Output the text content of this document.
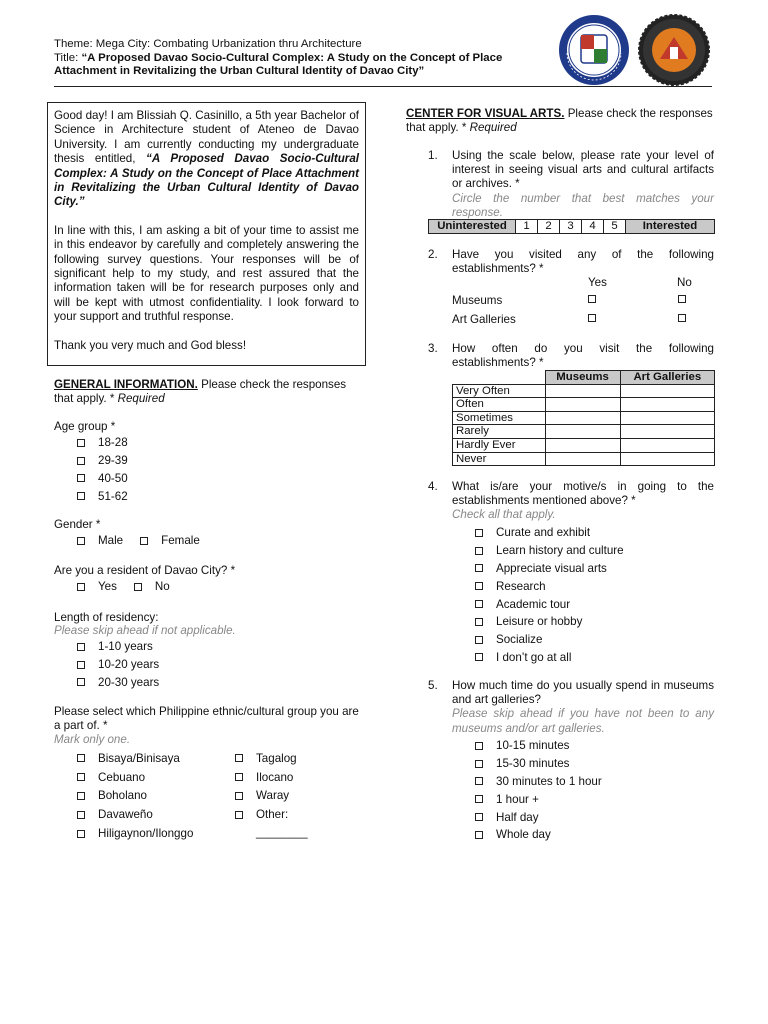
Theme: Mega City: Combating Urbanization thru Architecture
Title: “A Proposed Davao Socio-Cultural Complex: A Study on the Concept of Place Attachment in Revitalizing the Urban Cultural Identity of Davao City”

Good day! I am Blissiah Q. Casinillo, a 5th year Bachelor of Science in Architecture student of Ateneo de Davao University. I am currently conducting my undergraduate thesis entitled, “A Proposed Davao Socio-Cultural Complex: A Study on the Concept of Place Attachment in Revitalizing the Urban Cultural Identity of Davao City.”

In line with this, I am asking a bit of your time to assist me in this endeavor by carefully and completely answering the following survey questions. Your responses will be of significant help to my study, and rest assured that the information taken will be for research purposes only and will be kept with utmost confidentiality. I look forward to your support and truthful response.

Thank you very much and God bless!

GENERAL INFORMATION. Please check the responses that apply. * Required
Age group *
18-28
29-39
40-50
51-62
Gender *
Male	Female
Are you a resident of Davao City? *
Yes	No
Length of residency:
Please skip ahead if not applicable.
1-10 years
10-20 years
20-30 years
Please select which Philippine ethnic/cultural group you are a part of. *
Mark only one.
Bisaya/Binisaya
Cebuano
Boholano
Davaweño
Hiligaynon/Ilonggo
Tagalog
Ilocano
Waray
Other:
________
CENTER FOR VISUAL ARTS. Please check the responses that apply. * Required
1. Using the scale below, please rate your level of interest in seeing visual arts and cultural artifacts or archives. *
Circle the number that best matches your response.
Uninterested	1	2	3	4	5	Interested
2. Have you visited any of the following establishments? *
Yes	No
Museums
Art Galleries
3. How often do you visit the following establishments? *
	Museums	Art Galleries
Very Often		
Often		
Sometimes		
Rarely		
Hardly Ever		
Never		
4. What is/are your motive/s in going to the establishments mentioned above? *
Check all that apply.
Curate and exhibit
Learn history and culture
Appreciate visual arts
Research
Academic tour
Leisure or hobby
Socialize
I don’t go at all
5. How much time do you usually spend in museums and art galleries?
Please skip ahead if you have not been to any museums and/or art galleries.
10-15 minutes
15-30 minutes
30 minutes to 1 hour
1 hour +
Half day
Whole day
